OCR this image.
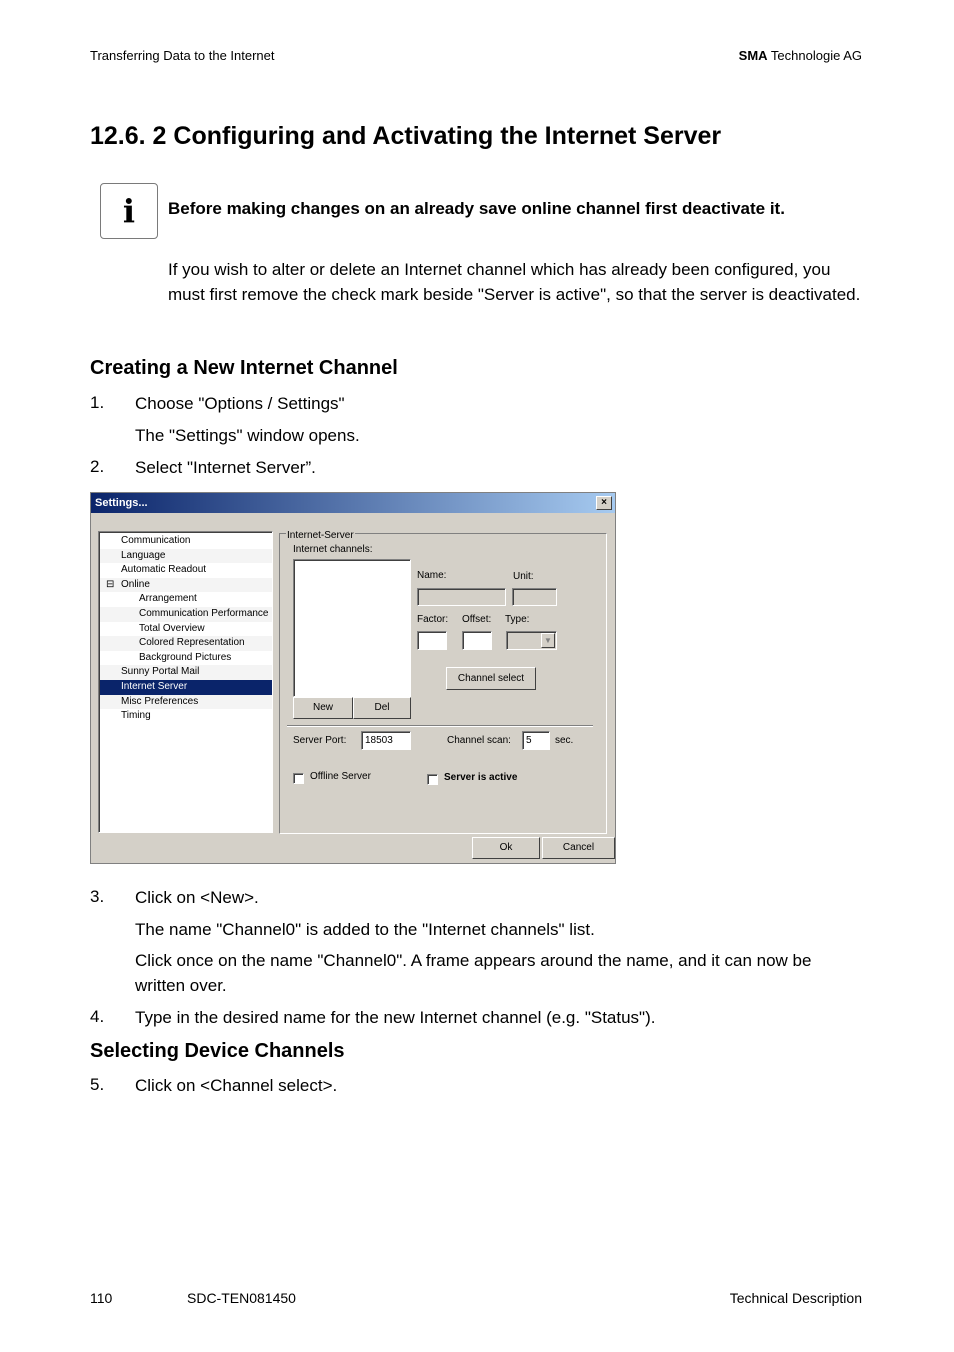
Transferring Data to the Internet	SMA Technologie AG
12.6. 2 Configuring and Activating the Internet Server
i	Before making changes on an already save online channel first deactivate it.
If you wish to alter or delete an Internet channel which has already been configured, you must first remove the check mark beside "Server is active", so that the server is deactivated.
Creating a New Internet Channel
1. Choose "Options / Settings"
The "Settings" window opens.
2. Select "Internet Server”.
Settings...	×
Communication
Language
Automatic Readout
⊟ Online
Arrangement
Communication Performance
Total Overview
Colored Representation
Background Pictures
Sunny Portal Mail
Internet Server
Misc Preferences
Timing
Internet-Server
Internet channels:
New	Del
Name:	Unit:
Factor: Offset: Type:
▼
Channel select
Server Port:	18503	Channel scan:	5	sec.
Offline Server	Server is active
Ok	Cancel
3. Click on <New>.
The name "Channel0" is added to the "Internet channels" list.
Click once on the name "Channel0". A frame appears around the name, and it can now be written over.
4. Type in the desired name for the new Internet channel (e.g. "Status").
Selecting Device Channels
5. Click on <Channel select>.
110	SDC-TEN081450	Technical Description
